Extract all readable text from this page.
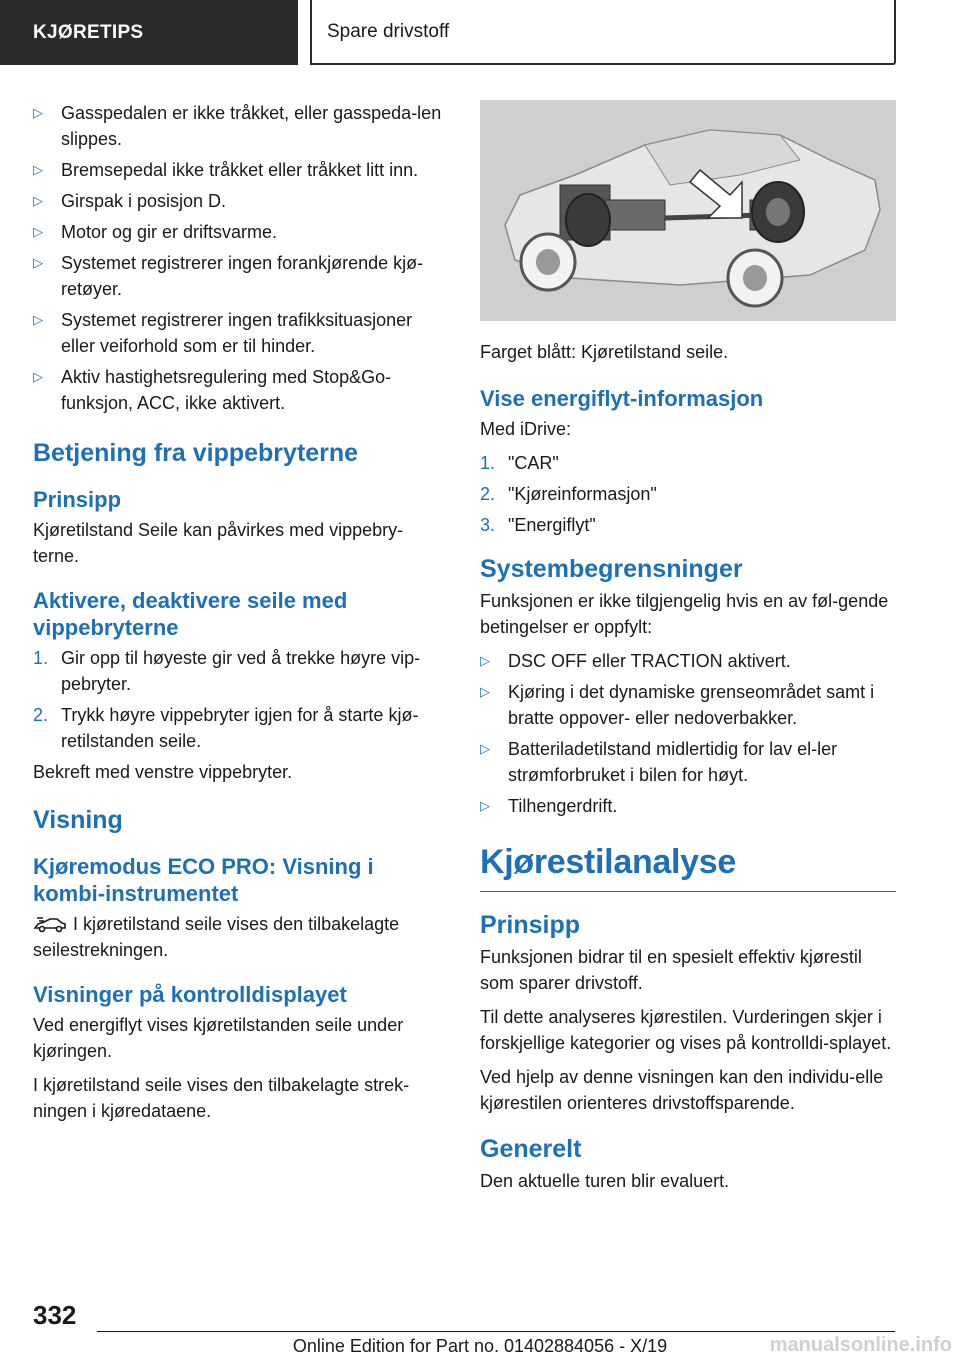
KJØRETIPS	Spare drivstoff
▷ Gasspedalen er ikke tråkket, eller gasspeda-len slippes.
▷ Bremsepedal ikke tråkket eller tråkket litt inn.
▷ Girspak i posisjon D.
▷ Motor og gir er driftsvarme.
▷ Systemet registrerer ingen forankjørende kjø-retøyer.
▷ Systemet registrerer ingen trafikksituasjoner eller veiforhold som er til hinder.
▷ Aktiv hastighetsregulering med Stop&Go-funksjon, ACC, ikke aktivert.
Betjening fra vippebryterne
Prinsipp

Kjøretilstand Seile kan påvirkes med vippebry-terne.

Aktivere, deaktivere seile med vippebryterne
1. Gir opp til høyeste gir ved å trekke høyre vip-pebryter.
2. Trykk høyre vippebryter igjen for å starte kjø-retilstanden seile.

Bekreft med venstre vippebryter.

Visning
Kjøremodus ECO PRO: Visning i kombi-instrumentet

I kjøretilstand seile vises den tilbakelagte seilestrekningen.

Visninger på kontrolldisplayet

Ved energiflyt vises kjøretilstanden seile under kjøringen.

I kjøretilstand seile vises den tilbakelagte strek-ningen i kjøredataene.

Farget blått: Kjøretilstand seile.

Vise energiflyt-informasjon

Med iDrive:

1. "CAR"
2. "Kjøreinformasjon"
3. "Energiflyt"
Systembegrensninger

Funksjonen er ikke tilgjengelig hvis en av føl-gende betingelser er oppfylt:

▷ DSC OFF eller TRACTION aktivert.
▷ Kjøring i det dynamiske grenseområdet samt i bratte oppover- eller nedoverbakker.
▷ Batteriladetilstand midlertidig for lav el-ler strømforbruket i bilen for høyt.
▷ Tilhengerdrift.
Kjørestilanalyse
Prinsipp

Funksjonen bidrar til en spesielt effektiv kjørestil som sparer drivstoff.

Til dette analyseres kjørestilen. Vurderingen skjer i forskjellige kategorier og vises på kontrolldi-splayet.

Ved hjelp av denne visningen kan den individu-elle kjørestilen orienteres drivstoffsparende.

Generelt

Den aktuelle turen blir evaluert.

332
Online Edition for Part no. 01402884056 - X/19	manualsonline.info
